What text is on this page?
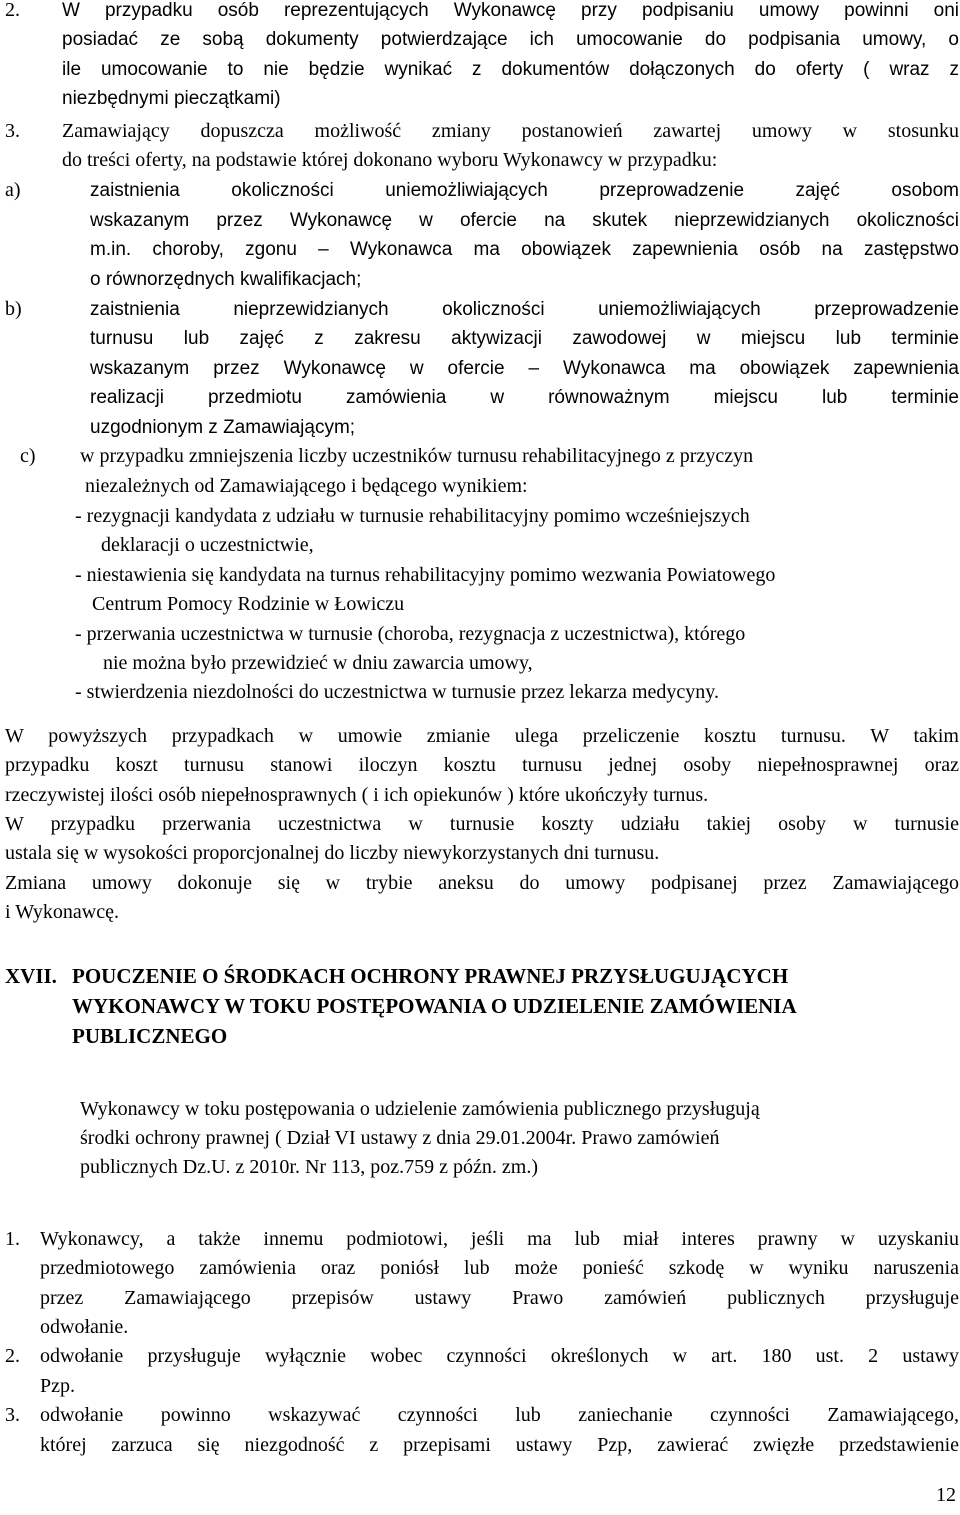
2. W przypadku osób reprezentujących Wykonawcę przy podpisaniu umowy powinni oni

posiadać ze sobą dokumenty potwierdzające ich umocowanie do podpisania umowy, o

ile umocowanie to nie będzie wynikać z dokumentów dołączonych do oferty ( wraz z

niezbędnymi pieczątkami)

3. Zamawiający dopuszcza możliwość zmiany postanowień zawartej umowy w stosunku

do treści oferty, na podstawie której dokonano wyboru Wykonawcy w przypadku:

a)	zaistnienia okoliczności uniemożliwiających przeprowadzenie zajęć osobom

wskazanym przez Wykonawcę w ofercie na skutek nieprzewidzianych okoliczności

m.in. choroby, zgonu – Wykonawca ma obowiązek zapewnienia osób na zastępstwo

o równorzędnych kwalifikacjach;

b)	zaistnienia nieprzewidzianych okoliczności uniemożliwiających przeprowadzenie

turnusu lub zajęć z zakresu aktywizacji zawodowej w miejscu lub terminie

wskazanym przez Wykonawcę w ofercie – Wykonawca ma obowiązek zapewnienia

realizacji przedmiotu zamówienia w równoważnym miejscu lub terminie

uzgodnionym z Zamawiającym;

c) w przypadku zmniejszenia liczby uczestników turnusu rehabilitacyjnego z przyczyn

niezależnych od Zamawiającego i będącego wynikiem:

- rezygnacji kandydata z udziału w turnusie rehabilitacyjny pomimo wcześniejszych

deklaracji o uczestnictwie,

- niestawienia się kandydata na turnus rehabilitacyjny pomimo wezwania Powiatowego

Centrum Pomocy Rodzinie w Łowiczu

- przerwania uczestnictwa w turnusie (choroba, rezygnacja z uczestnictwa), którego

nie można było przewidzieć w dniu zawarcia umowy,

- stwierdzenia niezdolności do uczestnictwa w turnusie przez lekarza medycyny.

W powyższych przypadkach w umowie zmianie ulega przeliczenie kosztu turnusu. W takim

przypadku koszt turnusu stanowi iloczyn kosztu turnusu jednej osoby niepełnosprawnej oraz

rzeczywistej ilości osób niepełnosprawnych ( i ich opiekunów ) które ukończyły turnus.

W przypadku przerwania uczestnictwa w turnusie koszty udziału takiej osoby w turnusie

ustala się w wysokości proporcjonalnej do liczby niewykorzystanych dni turnusu.

Zmiana umowy dokonuje się w trybie aneksu do umowy podpisanej przez Zamawiającego

i Wykonawcę.

XVII. POUCZENIE O ŚRODKACH OCHRONY PRAWNEJ PRZYSŁUGUJĄCYCH

WYKONAWCY W TOKU POSTĘPOWANIA O UDZIELENIE ZAMÓWIENIA

PUBLICZNEGO

Wykonawcy w toku postępowania o udzielenie zamówienia publicznego przysługują

środki ochrony prawnej ( Dział VI ustawy z dnia 29.01.2004r. Prawo zamówień

publicznych Dz.U. z 2010r. Nr 113, poz.759 z późn. zm.)

1. Wykonawcy, a także innemu podmiotowi, jeśli ma lub miał interes prawny w uzyskaniu

przedmiotowego zamówienia oraz poniósł lub może ponieść szkodę w wyniku naruszenia

przez Zamawiającego przepisów ustawy Prawo zamówień publicznych przysługuje

odwołanie.

2. odwołanie przysługuje wyłącznie wobec czynności określonych w art. 180 ust. 2 ustawy

Pzp.

3. odwołanie powinno wskazywać czynności lub zaniechanie czynności Zamawiającego,

której zarzuca się niezgodność z przepisami ustawy Pzp, zawierać zwięzłe przedstawienie

12
